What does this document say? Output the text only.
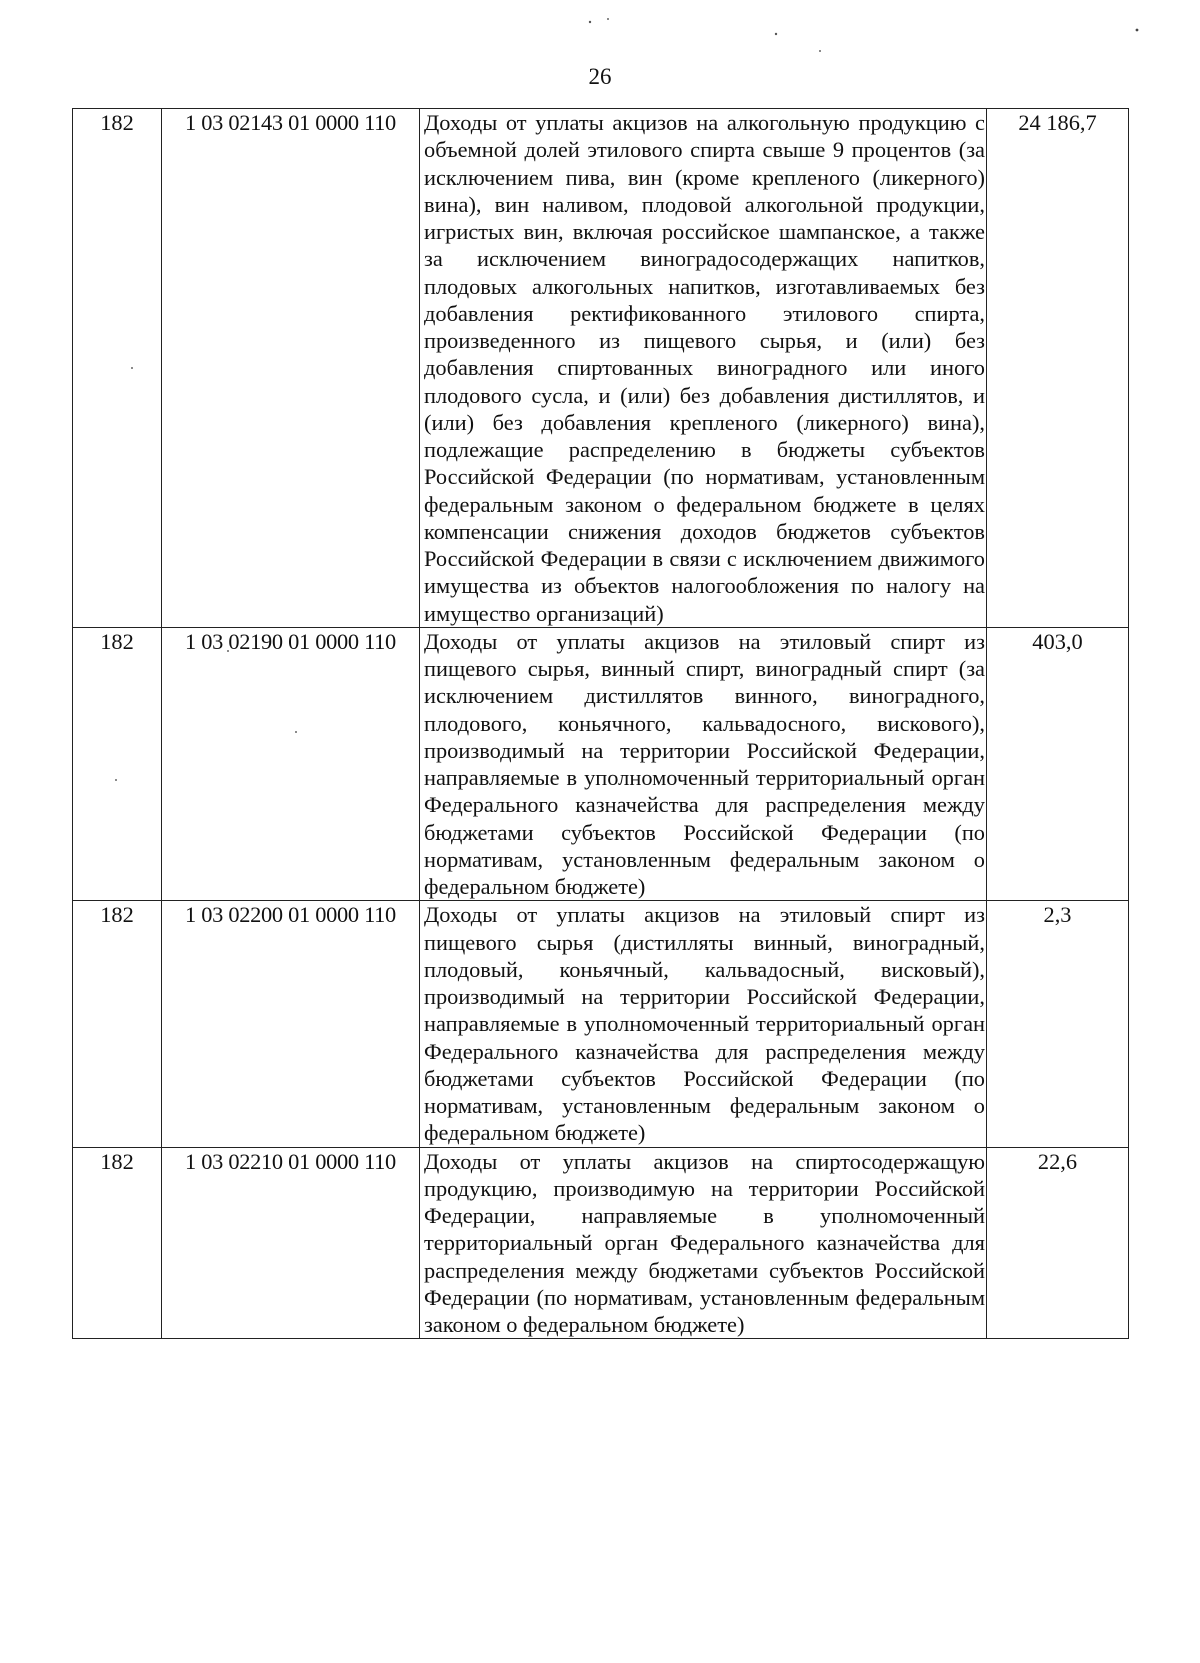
26
182	1 03 02143 01 0000 110	Доходы от уплаты акцизов на алкогольную продукцию с объемной долей этилового спирта свыше 9 процентов (за исключением пива, вин (кроме крепленого (ликерного) вина), вин наливом, плодовой алкогольной продукции, игристых вин, включая российское шампанское, а также за исключением виноградосодержащих напитков, плодовых алкогольных напитков, изготавливаемых без добавления ректификованного этилового спирта, произведенного из пищевого сырья, и (или) без добавления спиртованных виноградного или иного плодового сусла, и (или) без добавления дистиллятов, и (или) без добавления крепленого (ликерного) вина), подлежащие распределению в бюджеты субъектов Российской Федерации (по нормативам, установленным федеральным законом о федеральном бюджете в целях компенсации снижения доходов бюджетов субъектов Российской Федерации в связи с исключением движимого имущества из объектов налогообложения по налогу на имущество организаций)	24 186,7
182	1 03 02190 01 0000 110	Доходы от уплаты акцизов на этиловый спирт из пищевого сырья, винный спирт, виноградный спирт (за исключением дистиллятов винного, виноградного, плодового, коньячного, кальвадосного, вискового), производимый на территории Российской Федерации, направляемые в уполномоченный территориальный орган Федерального казначейства для распределения между бюджетами субъектов Российской Федерации (по нормативам, установленным федеральным законом о федеральном бюджете)	403,0
182	1 03 02200 01 0000 110	Доходы от уплаты акцизов на этиловый спирт из пищевого сырья (дистилляты винный, виноградный, плодовый, коньячный, кальвадосный, висковый), производимый на территории Российской Федерации, направляемые в уполномоченный территориальный орган Федерального казначейства для распределения между бюджетами субъектов Российской Федерации (по нормативам, установленным федеральным законом о федеральном бюджете)	2,3
182	1 03 02210 01 0000 110	Доходы от уплаты акцизов на спиртосодержащую продукцию, производимую на территории Российской Федерации, направляемые в уполномоченный территориальный орган Федерального казначейства для распределения между бюджетами субъектов Российской Федерации (по нормативам, установленным федеральным законом о федеральном бюджете)	22,6
